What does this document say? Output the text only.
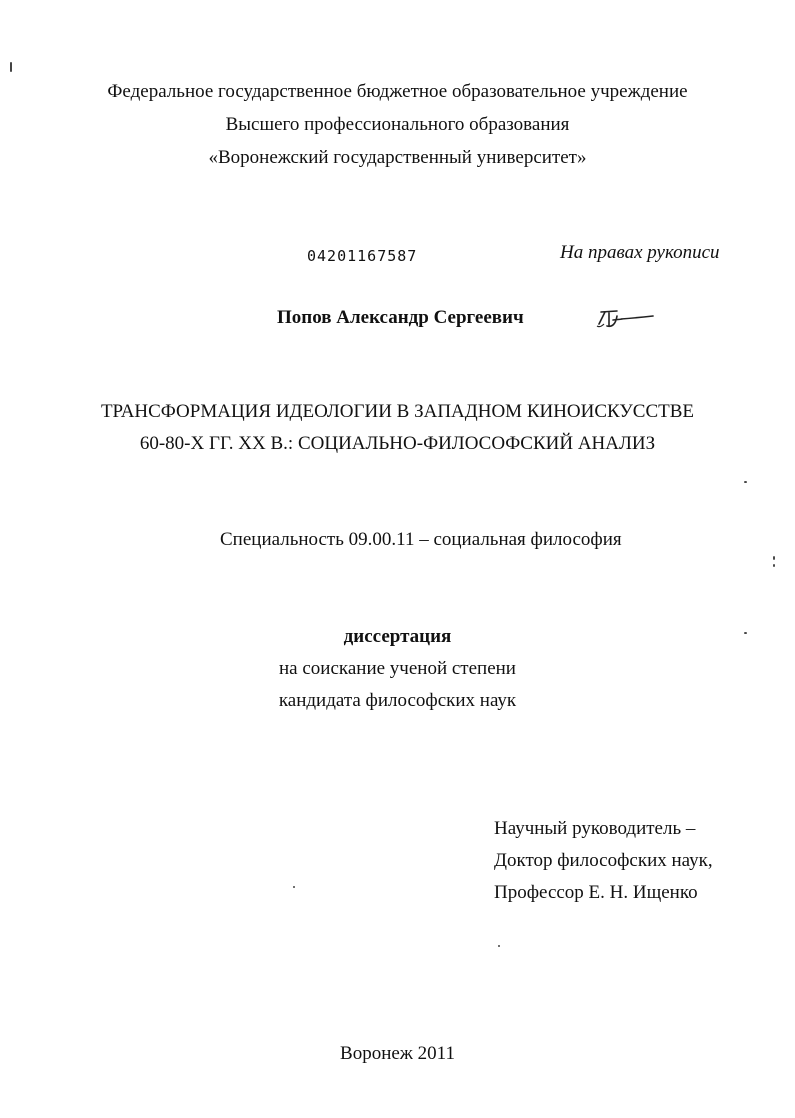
Федеральное государственное бюджетное образовательное учреждение
Высшего профессионального образования
«Воронежский государственный университет»
04201167587	На правах рукописи
Попов Александр Сергеевич
ТРАНСФОРМАЦИЯ ИДЕОЛОГИИ В ЗАПАДНОМ КИНОИСКУССТВЕ
60-80-Х ГГ. XX В.: СОЦИАЛЬНО-ФИЛОСОФСКИЙ АНАЛИЗ
Специальность 09.00.11 – социальная философия
диссертация
на соискание ученой степени
кандидата философских наук
Научный руководитель –
Доктор философских наук,
Профессор Е. Н. Ищенко
Воронеж 2011
